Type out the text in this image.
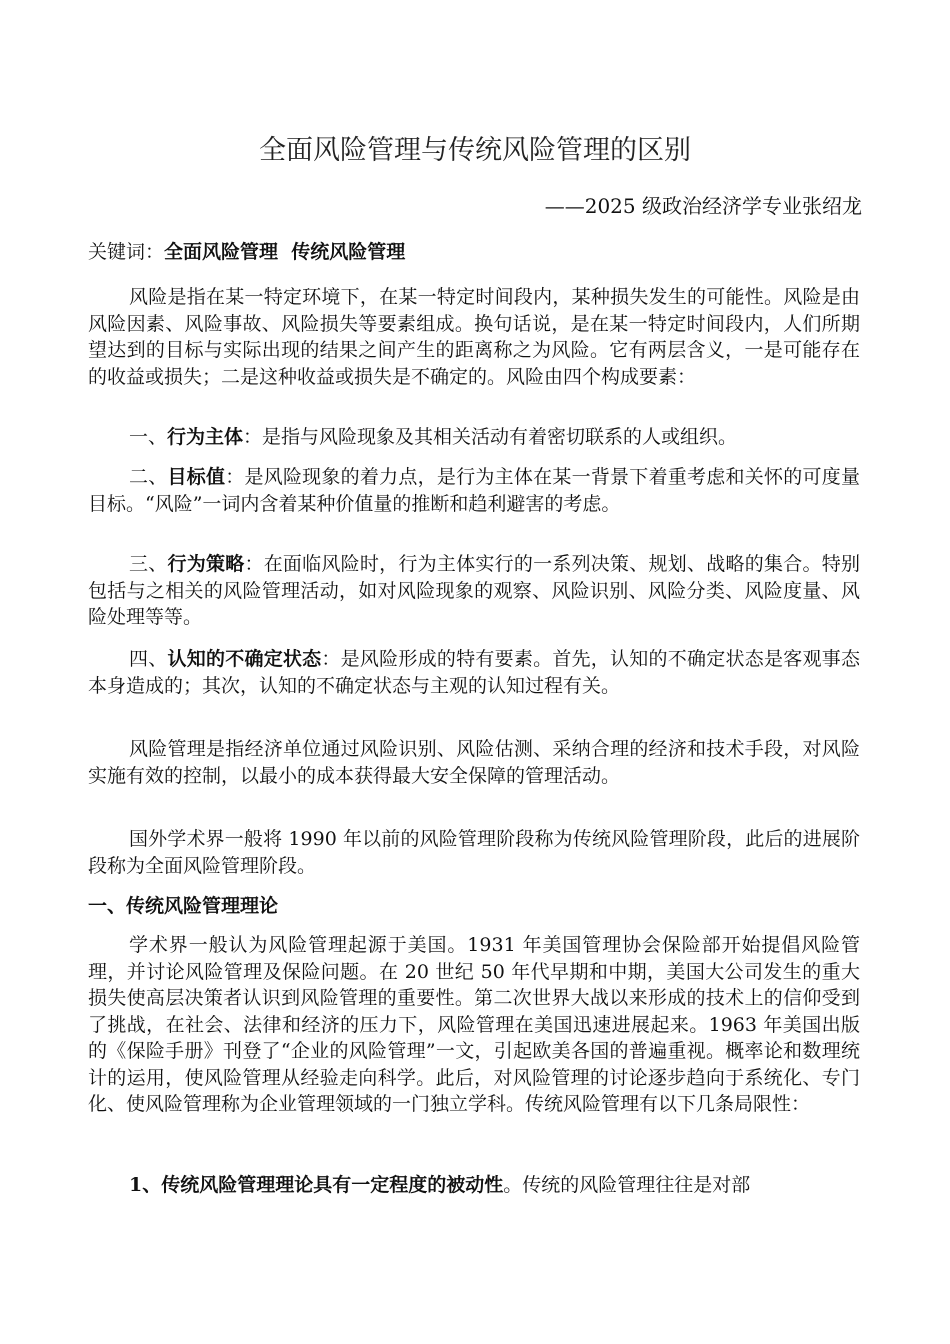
全面风险管理与传统风险管理的区别
——2025 级政治经济学专业张绍龙
关键词：全面风险管理  传统风险管理
风险是指在某一特定环境下，在某一特定时间段内，某种损失发生的可能性。风险是由风险因素、风险事故、风险损失等要素组成。换句话说，是在某一特定时间段内，人们所期望达到的目标与实际出现的结果之间产生的距离称之为风险。它有两层含义，一是可能存在的收益或损失；二是这种收益或损失是不确定的。风险由四个构成要素：
一、行为主体：是指与风险现象及其相关活动有着密切联系的人或组织。
二、目标值：是风险现象的着力点，是行为主体在某一背景下着重考虑和关怀的可度量目标。“风险”一词内含着某种价值量的推断和趋利避害的考虑。
三、行为策略：在面临风险时，行为主体实行的一系列决策、规划、战略的集合。特别包括与之相关的风险管理活动，如对风险现象的观察、风险识别、风险分类、风险度量、风险处理等等。
四、认知的不确定状态：是风险形成的特有要素。首先，认知的不确定状态是客观事态本身造成的；其次，认知的不确定状态与主观的认知过程有关。
风险管理是指经济单位通过风险识别、风险估测、采纳合理的经济和技术手段，对风险实施有效的控制，以最小的成本获得最大安全保障的管理活动。
国外学术界一般将 1990 年以前的风险管理阶段称为传统风险管理阶段，此后的进展阶段称为全面风险管理阶段。
一、传统风险管理理论
学术界一般认为风险管理起源于美国。1931 年美国管理协会保险部开始提倡风险管理，并讨论风险管理及保险问题。在 20 世纪 50 年代早期和中期，美国大公司发生的重大损失使高层决策者认识到风险管理的重要性。第二次世界大战以来形成的技术上的信仰受到了挑战，在社会、法律和经济的压力下，风险管理在美国迅速进展起来。1963 年美国出版的《保险手册》刊登了“企业的风险管理”一文，引起欧美各国的普遍重视。概率论和数理统计的运用，使风险管理从经验走向科学。此后，对风险管理的讨论逐步趋向于系统化、专门化、使风险管理称为企业管理领域的一门独立学科。传统风险管理有以下几条局限性：
1、传统风险管理理论具有一定程度的被动性。传统的风险管理往往是对部
